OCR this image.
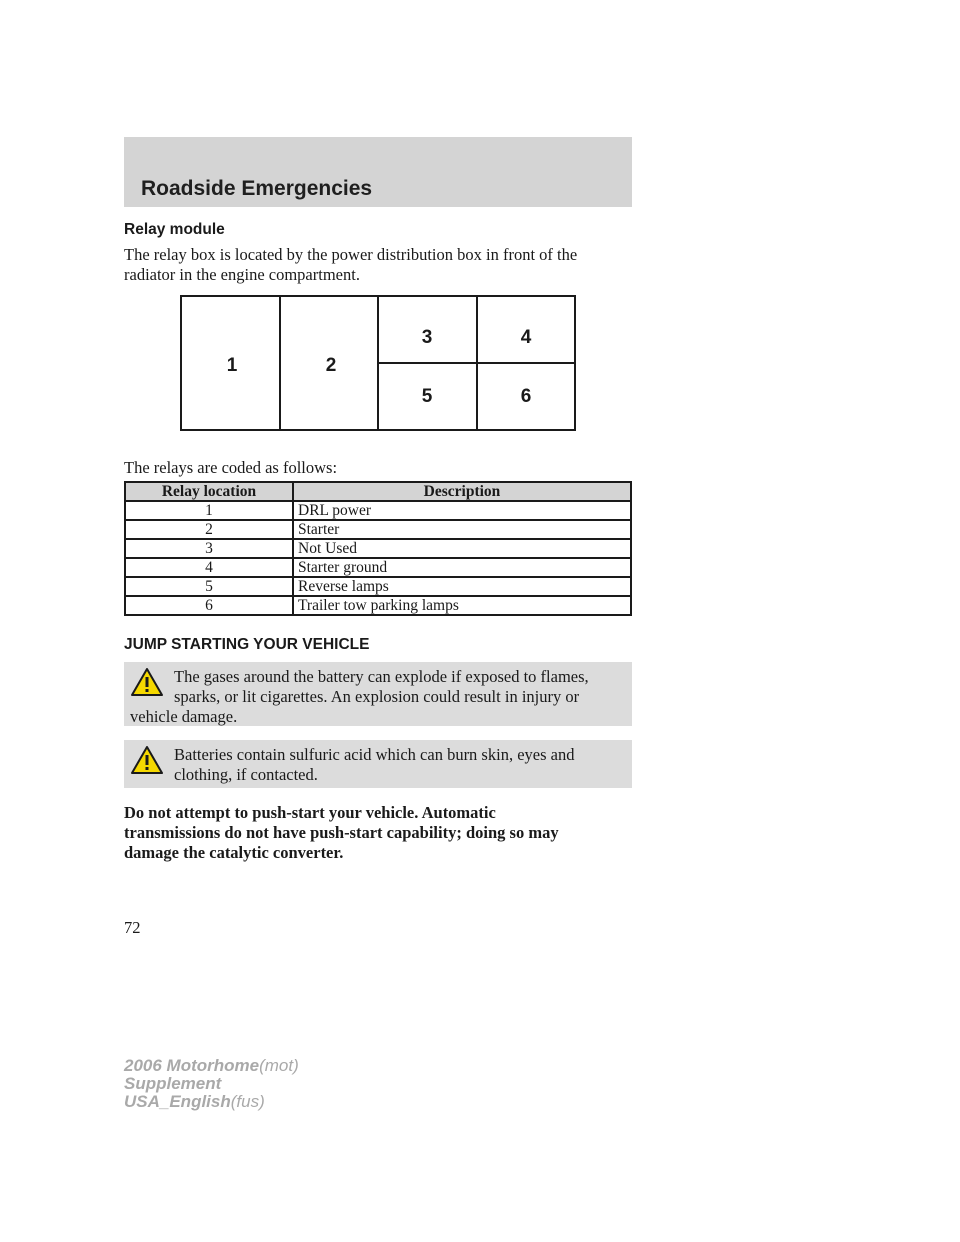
Roadside Emergencies
Relay module
The relay box is located by the power distribution box in front of the
radiator in the engine compartment.
1	2
3	4
5	6
The relays are coded as follows:
Relay location	Description
1	DRL power
2	Starter
3	Not Used
4	Starter ground
5	Reverse lamps
6	Trailer tow parking lamps
JUMP STARTING YOUR VEHICLE
The gases around the battery can explode if exposed to flames,
sparks, or lit cigarettes. An explosion could result in injury or
vehicle damage.
Batteries contain sulfuric acid which can burn skin, eyes and
clothing, if contacted.
Do not attempt to push-start your vehicle. Automatic
transmissions do not have push-start capability; doing so may
damage the catalytic converter.
72
2006 Motorhome(mot)
Supplement
USA_English(fus)
